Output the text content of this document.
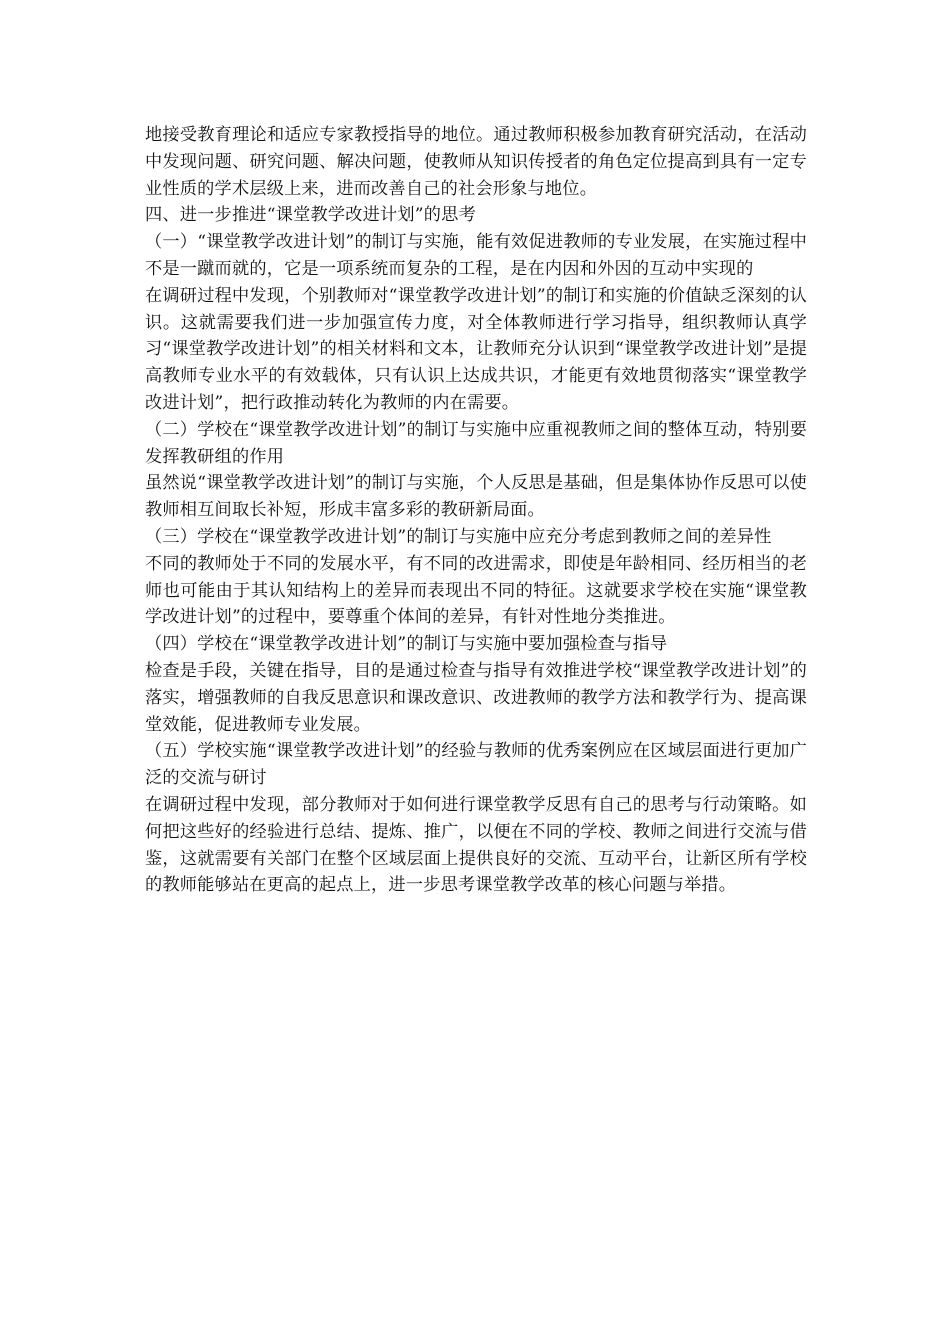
地接受教育理论和适应专家教授指导的地位。通过教师积极参加教育研究活动，在活动中发现问题、研究问题、解决问题，使教师从知识传授者的角色定位提高到具有一定专业性质的学术层级上来，进而改善自己的社会形象与地位。

四、进一步推进“课堂教学改进计划”的思考

（一）“课堂教学改进计划”的制订与实施，能有效促进教师的专业发展，在实施过程中不是一蹴而就的，它是一项系统而复杂的工程，是在内因和外因的互动中实现的

在调研过程中发现，个别教师对“课堂教学改进计划”的制订和实施的价值缺乏深刻的认识。这就需要我们进一步加强宣传力度，对全体教师进行学习指导，组织教师认真学习“课堂教学改进计划”的相关材料和文本，让教师充分认识到“课堂教学改进计划”是提高教师专业水平的有效载体，只有认识上达成共识，才能更有效地贯彻落实“课堂教学改进计划”，把行政推动转化为教师的内在需要。

（二）学校在“课堂教学改进计划”的制订与实施中应重视教师之间的整体互动，特别要发挥教研组的作用

虽然说“课堂教学改进计划”的制订与实施，个人反思是基础，但是集体协作反思可以使教师相互间取长补短，形成丰富多彩的教研新局面。

（三）学校在“课堂教学改进计划”的制订与实施中应充分考虑到教师之间的差异性

不同的教师处于不同的发展水平，有不同的改进需求，即使是年龄相同、经历相当的老师也可能由于其认知结构上的差异而表现出不同的特征。这就要求学校在实施“课堂教学改进计划”的过程中，要尊重个体间的差异，有针对性地分类推进。

（四）学校在“课堂教学改进计划”的制订与实施中要加强检查与指导

检查是手段，关键在指导，目的是通过检查与指导有效推进学校“课堂教学改进计划”的落实，增强教师的自我反思意识和课改意识、改进教师的教学方法和教学行为、提高课堂效能，促进教师专业发展。

（五）学校实施“课堂教学改进计划”的经验与教师的优秀案例应在区域层面进行更加广泛的交流与研讨

在调研过程中发现，部分教师对于如何进行课堂教学反思有自己的思考与行动策略。如何把这些好的经验进行总结、提炼、推广，以便在不同的学校、教师之间进行交流与借鉴，这就需要有关部门在整个区域层面上提供良好的交流、互动平台，让新区所有学校的教师能够站在更高的起点上，进一步思考课堂教学改革的核心问题与举措。
